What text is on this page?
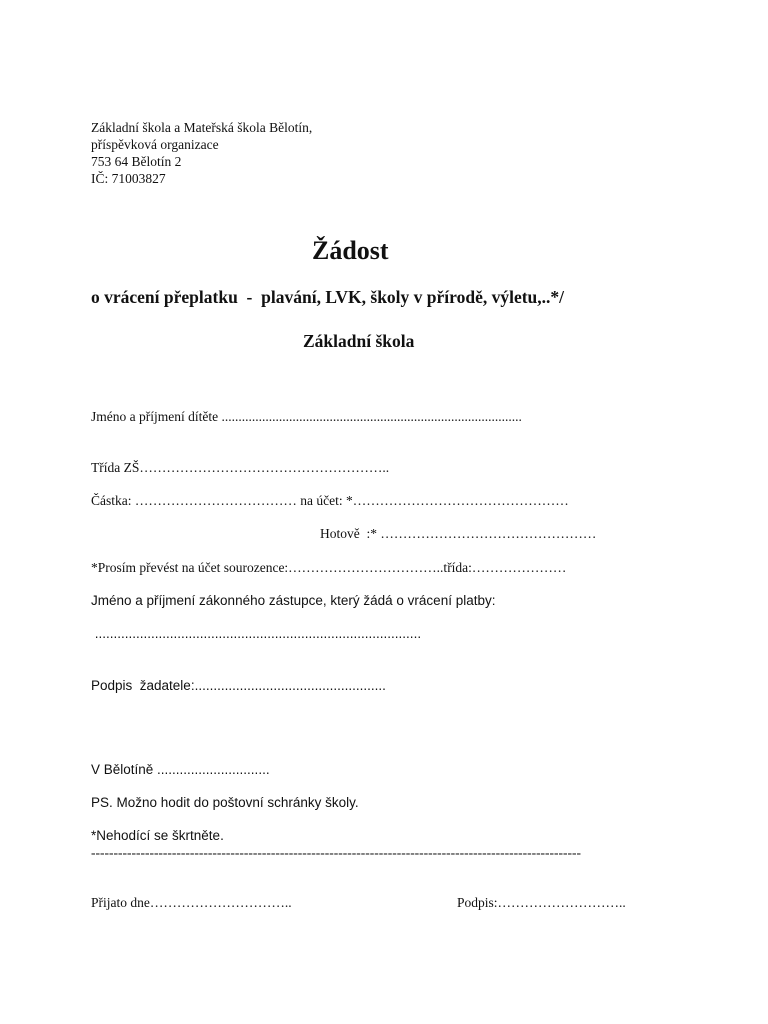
Základní škola a Mateřská škola Bělotín,
příspěvková organizace
753 64 Bělotín 2
IČ: 71003827
Žádost
o vrácení přeplatku  -  plavání, LVK, školy v přírodě, výletu,..*/
Základní škola
Jméno a příjmení dítěte .........................................................................................
Třída ZŠ………………………………………………..
Částka: ……………………………… na účet: *…………………………………………
Hotově  :* …………………………………………
*Prosím převést na účet sourozence:……………………………..třída:…………………
Jméno a příjmení zákonného zástupce, který žádá o vrácení platby:
.......................................................................................
Podpis  žadatele:...................................................
V Bělotíně ..............................
PS. Možno hodit do poštovní schránky školy.
*Nehodící se škrtněte.
-------------------------------------------------------------------------------------------------------------
Přijato dne…………………………..	Podpis:………………………..
